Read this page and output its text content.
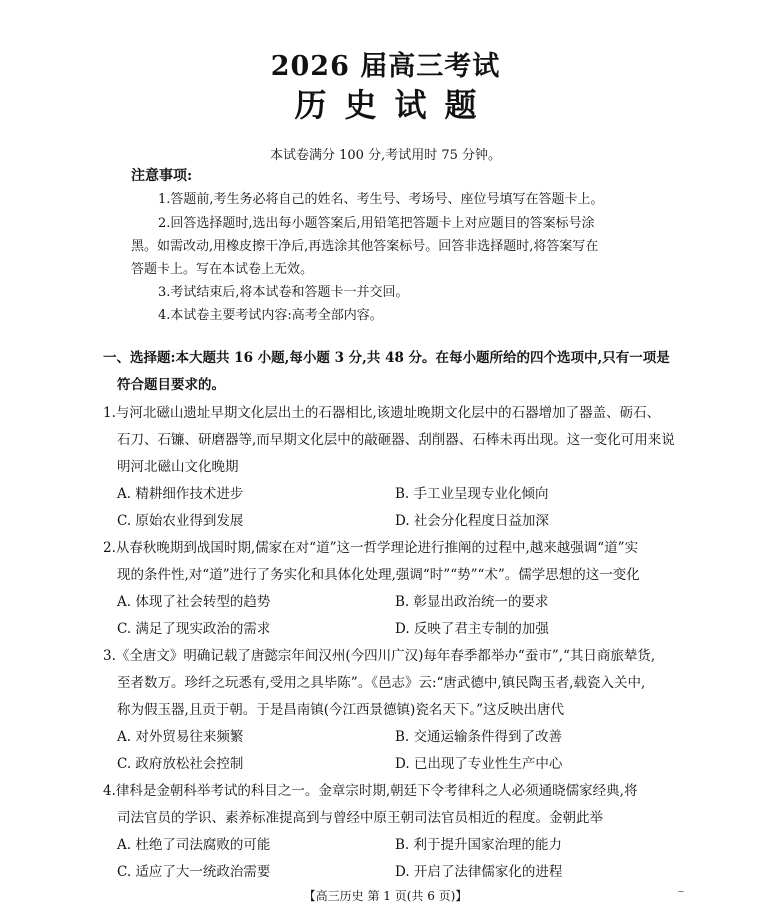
2026 届高三考试
历史试题
本试卷满分 100 分,考试用时 75 分钟。
注意事项:
1.答题前,考生务必将自己的姓名、考生号、考场号、座位号填写在答题卡上。
2.回答选择题时,选出每小题答案后,用铅笔把答题卡上对应题目的答案标号涂
黑。如需改动,用橡皮擦干净后,再选涂其他答案标号。回答非选择题时,将答案写在
答题卡上。写在本试卷上无效。
3.考试结束后,将本试卷和答题卡一并交回。
4.本试卷主要考试内容:高考全部内容。
一、选择题:本大题共 16 小题,每小题 3 分,共 48 分。在每小题所给的四个选项中,只有一项是
符合题目要求的。
1.与河北磁山遗址早期文化层出土的石器相比,该遗址晚期文化层中的石器增加了器盖、砺石、
石刀、石镰、研磨器等,而早期文化层中的敲砸器、刮削器、石棒未再出现。这一变化可用来说
明河北磁山文化晚期
A. 精耕细作技术进步	B. 手工业呈现专业化倾向
C. 原始农业得到发展	D. 社会分化程度日益加深
2.从春秋晚期到战国时期,儒家在对“道”这一哲学理论进行推阐的过程中,越来越强调“道”实
现的条件性,对“道”进行了务实化和具体化处理,强调“时”“势”“术”。儒学思想的这一变化
A. 体现了社会转型的趋势	B. 彰显出政治统一的要求
C. 满足了现实政治的需求	D. 反映了君主专制的加强
3.《全唐文》明确记载了唐懿宗年间汉州(今四川广汉)每年春季都举办“蚕市”,“其日商旅辇货,
至者数万。珍纤之玩悉有,受用之具毕陈”。《邑志》云:“唐武德中,镇民陶玉者,载瓷入关中,
称为假玉器,且贡于朝。于是昌南镇(今江西景德镇)瓷名天下。”这反映出唐代
A. 对外贸易往来频繁	B. 交通运输条件得到了改善
C. 政府放松社会控制	D. 已出现了专业性生产中心
4.律科是金朝科举考试的科目之一。金章宗时期,朝廷下令考律科之人必须通晓儒家经典,将
司法官员的学识、素养标准提高到与曾经中原王朝司法官员相近的程度。金朝此举
A. 杜绝了司法腐败的可能	B. 利于提升国家治理的能力
C. 适应了大一统政治需要	D. 开启了法律儒家化的进程
【高三历史 第 1 页(共 6 页)】	–
